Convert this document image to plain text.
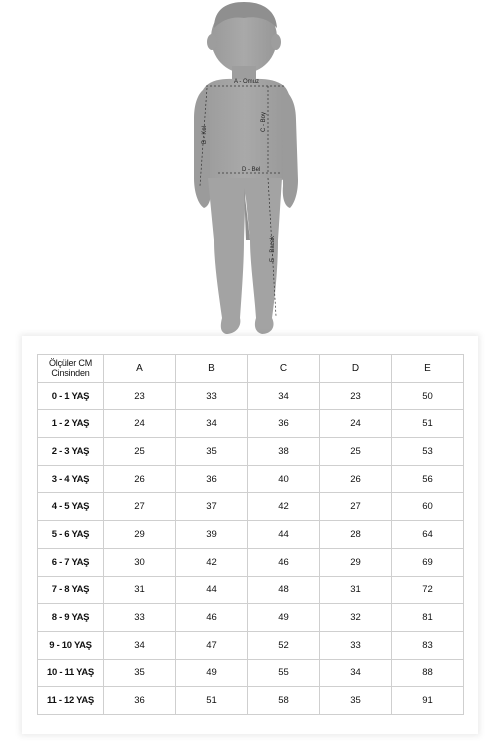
A - Omuz
C - Boy
B - Kol
D - Bel
E - Bacak
Ölçüler CM
Cinsinden	A	B	C	D	E
0 - 1 YAŞ	23	33	34	23	50
1 - 2 YAŞ	24	34	36	24	51
2 - 3 YAŞ	25	35	38	25	53
3 - 4 YAŞ	26	36	40	26	56
4 - 5 YAŞ	27	37	42	27	60
5 - 6 YAŞ	29	39	44	28	64
6 - 7 YAŞ	30	42	46	29	69
7 - 8 YAŞ	31	44	48	31	72
8 - 9 YAŞ	33	46	49	32	81
9 - 10 YAŞ	34	47	52	33	83
10 - 11 YAŞ	35	49	55	34	88
11 - 12 YAŞ	36	51	58	35	91
